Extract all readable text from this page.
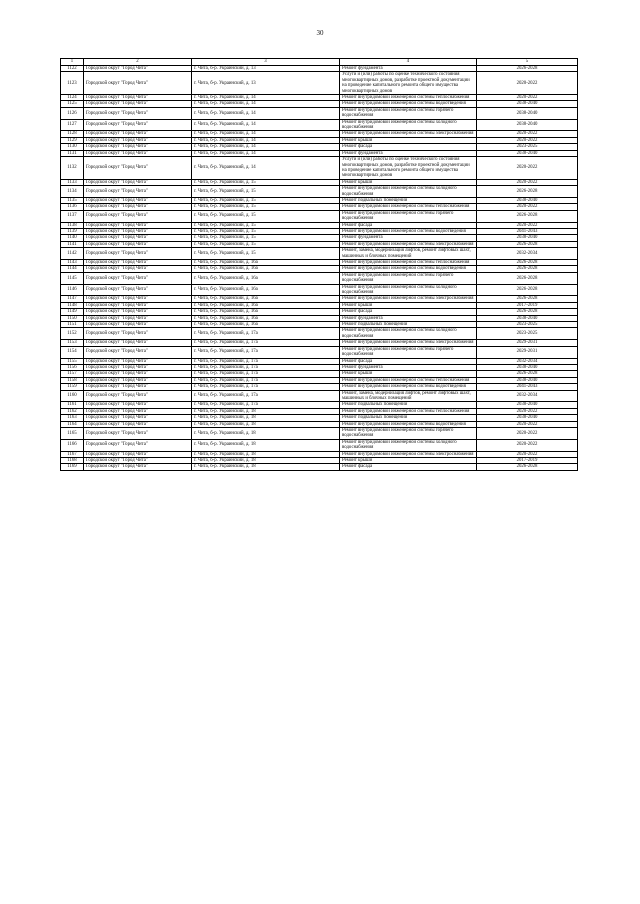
30
1	2	3	4	5
1122	Городской округ "Город Чита"	г. Чита, б-р. Украинский, д. 13	Ремонт фундамента	2026-2028
1123	Городской округ "Город Чита"	г. Чита, б-р. Украинский, д. 13	Услуги и (или) работы по оценке технического состояния многоквартирных домов, разработке проектной документации на проведение капитального ремонта общего имущества многоквартирных домов	2020-2022
1124	Городской округ "Город Чита"	г. Чита, б-р. Украинский, д. 14	Ремонт внутридомовой инженерной системы теплоснабжения	2020-2022
1125	Городской округ "Город Чита"	г. Чита, б-р. Украинский, д. 14	Ремонт внутридомовой инженерной системы водоотведения	2038-2040
1126	Городской округ "Город Чита"	г. Чита, б-р. Украинский, д. 14	Ремонт внутридомовой инженерной системы горячего водоснабжения	2038-2040
1127	Городской округ "Город Чита"	г. Чита, б-р. Украинский, д. 14	Ремонт внутридомовой инженерной системы холодного водоснабжения	2038-2040
1128	Городской округ "Город Чита"	г. Чита, б-р. Украинский, д. 14	Ремонт внутридомовой инженерной системы электроснабжения	2020-2022
1129	Городской округ "Город Чита"	г. Чита, б-р. Украинский, д. 14	Ремонт крыши	2020-2022
1130	Городской округ "Город Чита"	г. Чита, б-р. Украинский, д. 14	Ремонт фасада	2023-2025
1131	Городской округ "Город Чита"	г. Чита, б-р. Украинский, д. 14	Ремонт фундамента	2038-2040
1132	Городской округ "Город Чита"	г. Чита, б-р. Украинский, д. 14	Услуги и (или) работы по оценке технического состояния многоквартирных домов, разработке проектной документации на проведение капитального ремонта общего имущества многоквартирных домов	2020-2022
1133	Городской округ "Город Чита"	г. Чита, б-р. Украинский, д. 15	Ремонт крыши	2020-2022
1134	Городской округ "Город Чита"	г. Чита, б-р. Украинский, д. 15	Ремонт внутридомовой инженерной системы холодного водоснабжения	2026-2028
1135	Городской округ "Город Чита"	г. Чита, б-р. Украинский, д. 15	Ремонт подвальных помещений	2038-2040
1136	Городской округ "Город Чита"	г. Чита, б-р. Украинский, д. 15	Ремонт внутридомовой инженерной системы теплоснабжения	2020-2022
1137	Городской округ "Город Чита"	г. Чита, б-р. Украинский, д. 15	Ремонт внутридомовой инженерной системы горячего водоснабжения	2026-2028
1138	Городской округ "Город Чита"	г. Чита, б-р. Украинский, д. 15	Ремонт фасада	2020-2022
1139	Городской округ "Город Чита"	г. Чита, б-р. Украинский, д. 15	Ремонт внутридомовой инженерной системы водоотведения	2041-2043
1140	Городской округ "Город Чита"	г. Чита, б-р. Украинский, д. 15	Ремонт фундамента	2038-2040
1141	Городской округ "Город Чита"	г. Чита, б-р. Украинский, д. 15	Ремонт внутридомовой инженерной системы электроснабжения	2026-2028
1142	Городской округ "Город Чита"	г. Чита, б-р. Украинский, д. 15	Ремонт, замена, модернизация лифтов, ремонт лифтовых шахт, машинных и блочных помещений	2032-2034
1143	Городской округ "Город Чита"	г. Чита, б-р. Украинский, д. 16а	Ремонт внутридомовой инженерной системы теплоснабжения	2026-2028
1144	Городской округ "Город Чита"	г. Чита, б-р. Украинский, д. 16а	Ремонт внутридомовой инженерной системы водоотведения	2026-2028
1145	Городской округ "Город Чита"	г. Чита, б-р. Украинский, д. 16а	Ремонт внутридомовой инженерной системы горячего водоснабжения	2026-2028
1146	Городской округ "Город Чита"	г. Чита, б-р. Украинский, д. 16а	Ремонт внутридомовой инженерной системы холодного водоснабжения	2026-2028
1147	Городской округ "Город Чита"	г. Чита, б-р. Украинский, д. 16а	Ремонт внутридомовой инженерной системы электроснабжения	2026-2028
1148	Городской округ "Город Чита"	г. Чита, б-р. Украинский, д. 16а	Ремонт крыши	2017-2019
1149	Городской округ "Город Чита"	г. Чита, б-р. Украинский, д. 16а	Ремонт фасада	2026-2028
1150	Городской округ "Город Чита"	г. Чита, б-р. Украинский, д. 16а	Ремонт фундамента	2038-2040
1151	Городской округ "Город Чита"	г. Чита, б-р. Украинский, д. 16а	Ремонт подвальных помещений	2023-2025
1152	Городской округ "Город Чита"	г. Чита, б-р. Украинский, д. 17а	Ремонт внутридомовой инженерной системы холодного водоснабжения	2023-2025
1153	Городской округ "Город Чита"	г. Чита, б-р. Украинский, д. 17а	Ремонт внутридомовой инженерной системы электроснабжения	2029-2031
1154	Городской округ "Город Чита"	г. Чита, б-р. Украинский, д. 17а	Ремонт внутридомовой инженерной системы горячего водоснабжения	2029-2031
1155	Городской округ "Город Чита"	г. Чита, б-р. Украинский, д. 17а	Ремонт фасада	2032-2034
1156	Городской округ "Город Чита"	г. Чита, б-р. Украинский, д. 17а	Ремонт фундамента	2038-2040
1157	Городской округ "Город Чита"	г. Чита, б-р. Украинский, д. 17а	Ремонт крыши	2026-2028
1158	Городской округ "Город Чита"	г. Чита, б-р. Украинский, д. 17а	Ремонт внутридомовой инженерной системы теплоснабжения	2038-2040
1159	Городской округ "Город Чита"	г. Чита, б-р. Украинский, д. 17а	Ремонт внутридомовой инженерной системы водоотведения	2041-2043
1160	Городской округ "Город Чита"	г. Чита, б-р. Украинский, д. 17а	Ремонт, замена, модернизация лифтов, ремонт лифтовых шахт, машинных и блочных помещений	2032-2034
1161	Городской округ "Город Чита"	г. Чита, б-р. Украинский, д. 17а	Ремонт подвальных помещений	2038-2040
1162	Городской округ "Город Чита"	г. Чита, б-р. Украинский, д. 18	Ремонт внутридомовой инженерной системы теплоснабжения	2020-2022
1163	Городской округ "Город Чита"	г. Чита, б-р. Украинский, д. 18	Ремонт подвальных помещений	2038-2040
1164	Городской округ "Город Чита"	г. Чита, б-р. Украинский, д. 18	Ремонт внутридомовой инженерной системы водоотведения	2020-2022
1165	Городской округ "Город Чита"	г. Чита, б-р. Украинский, д. 18	Ремонт внутридомовой инженерной системы горячего водоснабжения	2020-2022
1166	Городской округ "Город Чита"	г. Чита, б-р. Украинский, д. 18	Ремонт внутридомовой инженерной системы холодного водоснабжения	2020-2022
1167	Городской округ "Город Чита"	г. Чита, б-р. Украинский, д. 18	Ремонт внутридомовой инженерной системы электроснабжения	2020-2022
1168	Городской округ "Город Чита"	г. Чита, б-р. Украинский, д. 18	Ремонт крыши	2017-2019
1169	Городской округ "Город Чита"	г. Чита, б-р. Украинский, д. 18	Ремонт фасада	2026-2028
